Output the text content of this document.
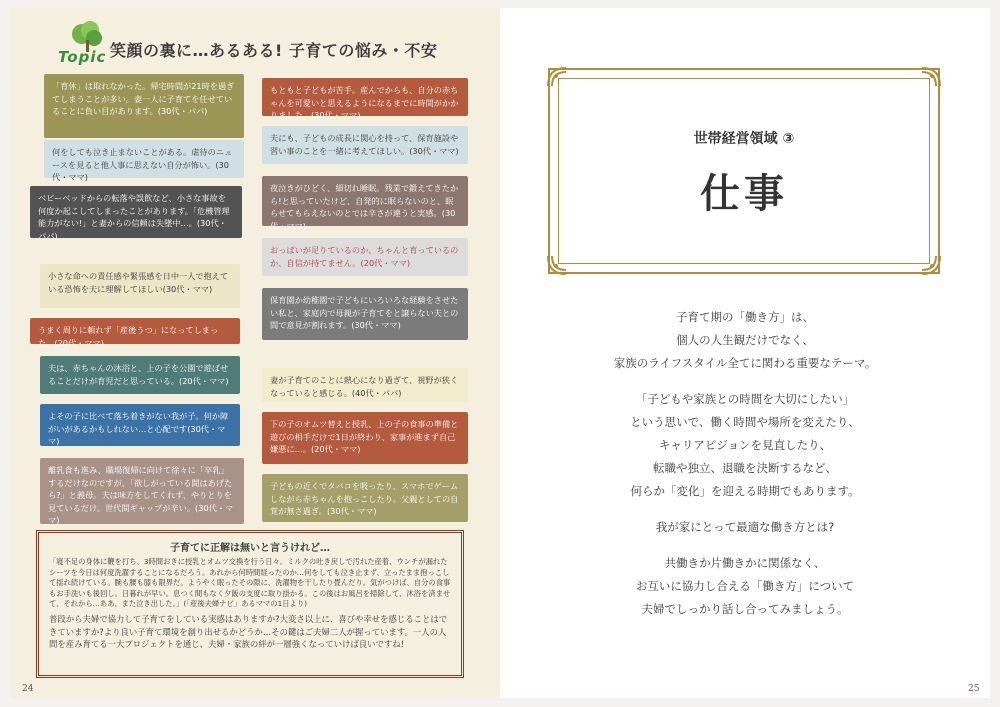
Topic 笑顔の裏に…あるある! 子育ての悩み・不安
「育休」は取れなかった。帰宅時間が21時を過ぎてしまうことが多い。妻一人に子育てを任せていることに負い目があります。(30代・パパ)
何をしても泣き止まないことがある。虐待のニュースを見ると他人事に思えない自分が怖い。(30代・ママ)
ベビーベッドからの転落や誤飲など、小さな事故を何度か起こしてしまったことがあります。「危機管理能力がない!」と妻からの信頼は失墜中…。(30代・パパ)
小さな命への責任感や緊張感を日中一人で抱えている恐怖を夫に理解してほしい(30代・ママ)
うまく周りに頼れず「産後うつ」になってしまった。(20代・ママ)
夫は、赤ちゃんの沐浴と、上の子を公園で遊ばせることだけが育児だと思っている。(20代・ママ)
よその子に比べて落ち着きがない我が子。何か障がいがあるかもしれない…と心配です(30代・ママ)
離乳食も進み、職場復帰に向けて徐々に「卒乳」するだけなのですが、「欲しがっている間はあげたら?」と義母。夫は味方をしてくれず、やりとりを見ているだけ。世代間ギャップが辛い。(30代・ママ)
もともと子どもが苦手。産んでからも、自分の赤ちゃんを可愛いと思えるようになるまでに時間がかかりました。(30代・ママ)
夫にも、子どもの成長に関心を持って、保育施設や習い事のことを一緒に考えてほしい。(30代・ママ)
夜泣きがひどく、細切れ睡眠。残業で鍛えてきたから!と思っていたけど、自発的に眠らないのと、眠らせてもらえないのとでは辛さが違うと実感。(30代・ママ)
おっぱいが足りているのか、ちゃんと育っているのか、自信が持てません。(20代・ママ)
保育園か幼稚園で子どもにいろいろな経験をさせたい私と、家庭内で母親が子育てをと譲らない夫との間で意見が割れます。(30代・ママ)
妻が子育てのことに熱心になり過ぎて、視野が狭くなっていると感じる。(40代・パパ)
下の子のオムツ替えと授乳、上の子の食事の準備と遊びの相手だけで1日が終わり、家事が進まず自己嫌悪に…。(20代・ママ)
子どもの近くでタバコを吸ったり、スマホでゲームしながら赤ちゃんを抱っこしたり。父親としての自覚が無さ過ぎ。(30代・ママ)
子育てに正解は無いと言うけれど…
「寝不足の身体に鞭を打ち、3時間おきに授乳とオムツ交換を行う日々。ミルクの吐き戻しで汚れた産着、ウンチが漏れたシーツを今日は何度洗濯することになるだろう。あれから何時間経ったのか…何をしても泣き止まず、立ったまま抱っこして揺れ続けている。腕も腰も膝も限界だ。ようやく眠ったその隙に、洗濯物を干したり畳んだり。気がつけば、自分の食事もお手洗いも後回し。日暮れが早い。息つく間もなく夕飯の支度に取り掛かる。この後はお風呂を掃除して、沐浴を済ませて、それから…ああ、また泣き出した。」(「産後夫婦ナビ」あるママの1日より)
普段から夫婦で協力して子育てをしている実感はありますか?大変さ以上に、喜びや幸せを感じることはできていますか?より良い子育て環境を創り出せるかどうか…その鍵はご夫婦二人が握っています。一人の人間を産み育てる一大プロジェクトを通じ、夫婦・家族の絆が一層強くなっていけば良いですね!
24
世帯経営領域 ③
仕事

子育て期の「働き方」は、
個人の人生観だけでなく、
家族のライフスタイル全てに関わる重要なテーマ。

「子どもや家族との時間を大切にしたい」
という思いで、働く時間や場所を変えたり、
キャリアビジョンを見直したり、
転職や独立、退職を決断するなど、
何らか「変化」を迎える時期でもあります。

我が家にとって最適な働き方とは?

共働きか片働きかに関係なく、
お互いに協力し合える「働き方」について
夫婦でしっかり話し合ってみましょう。

25
